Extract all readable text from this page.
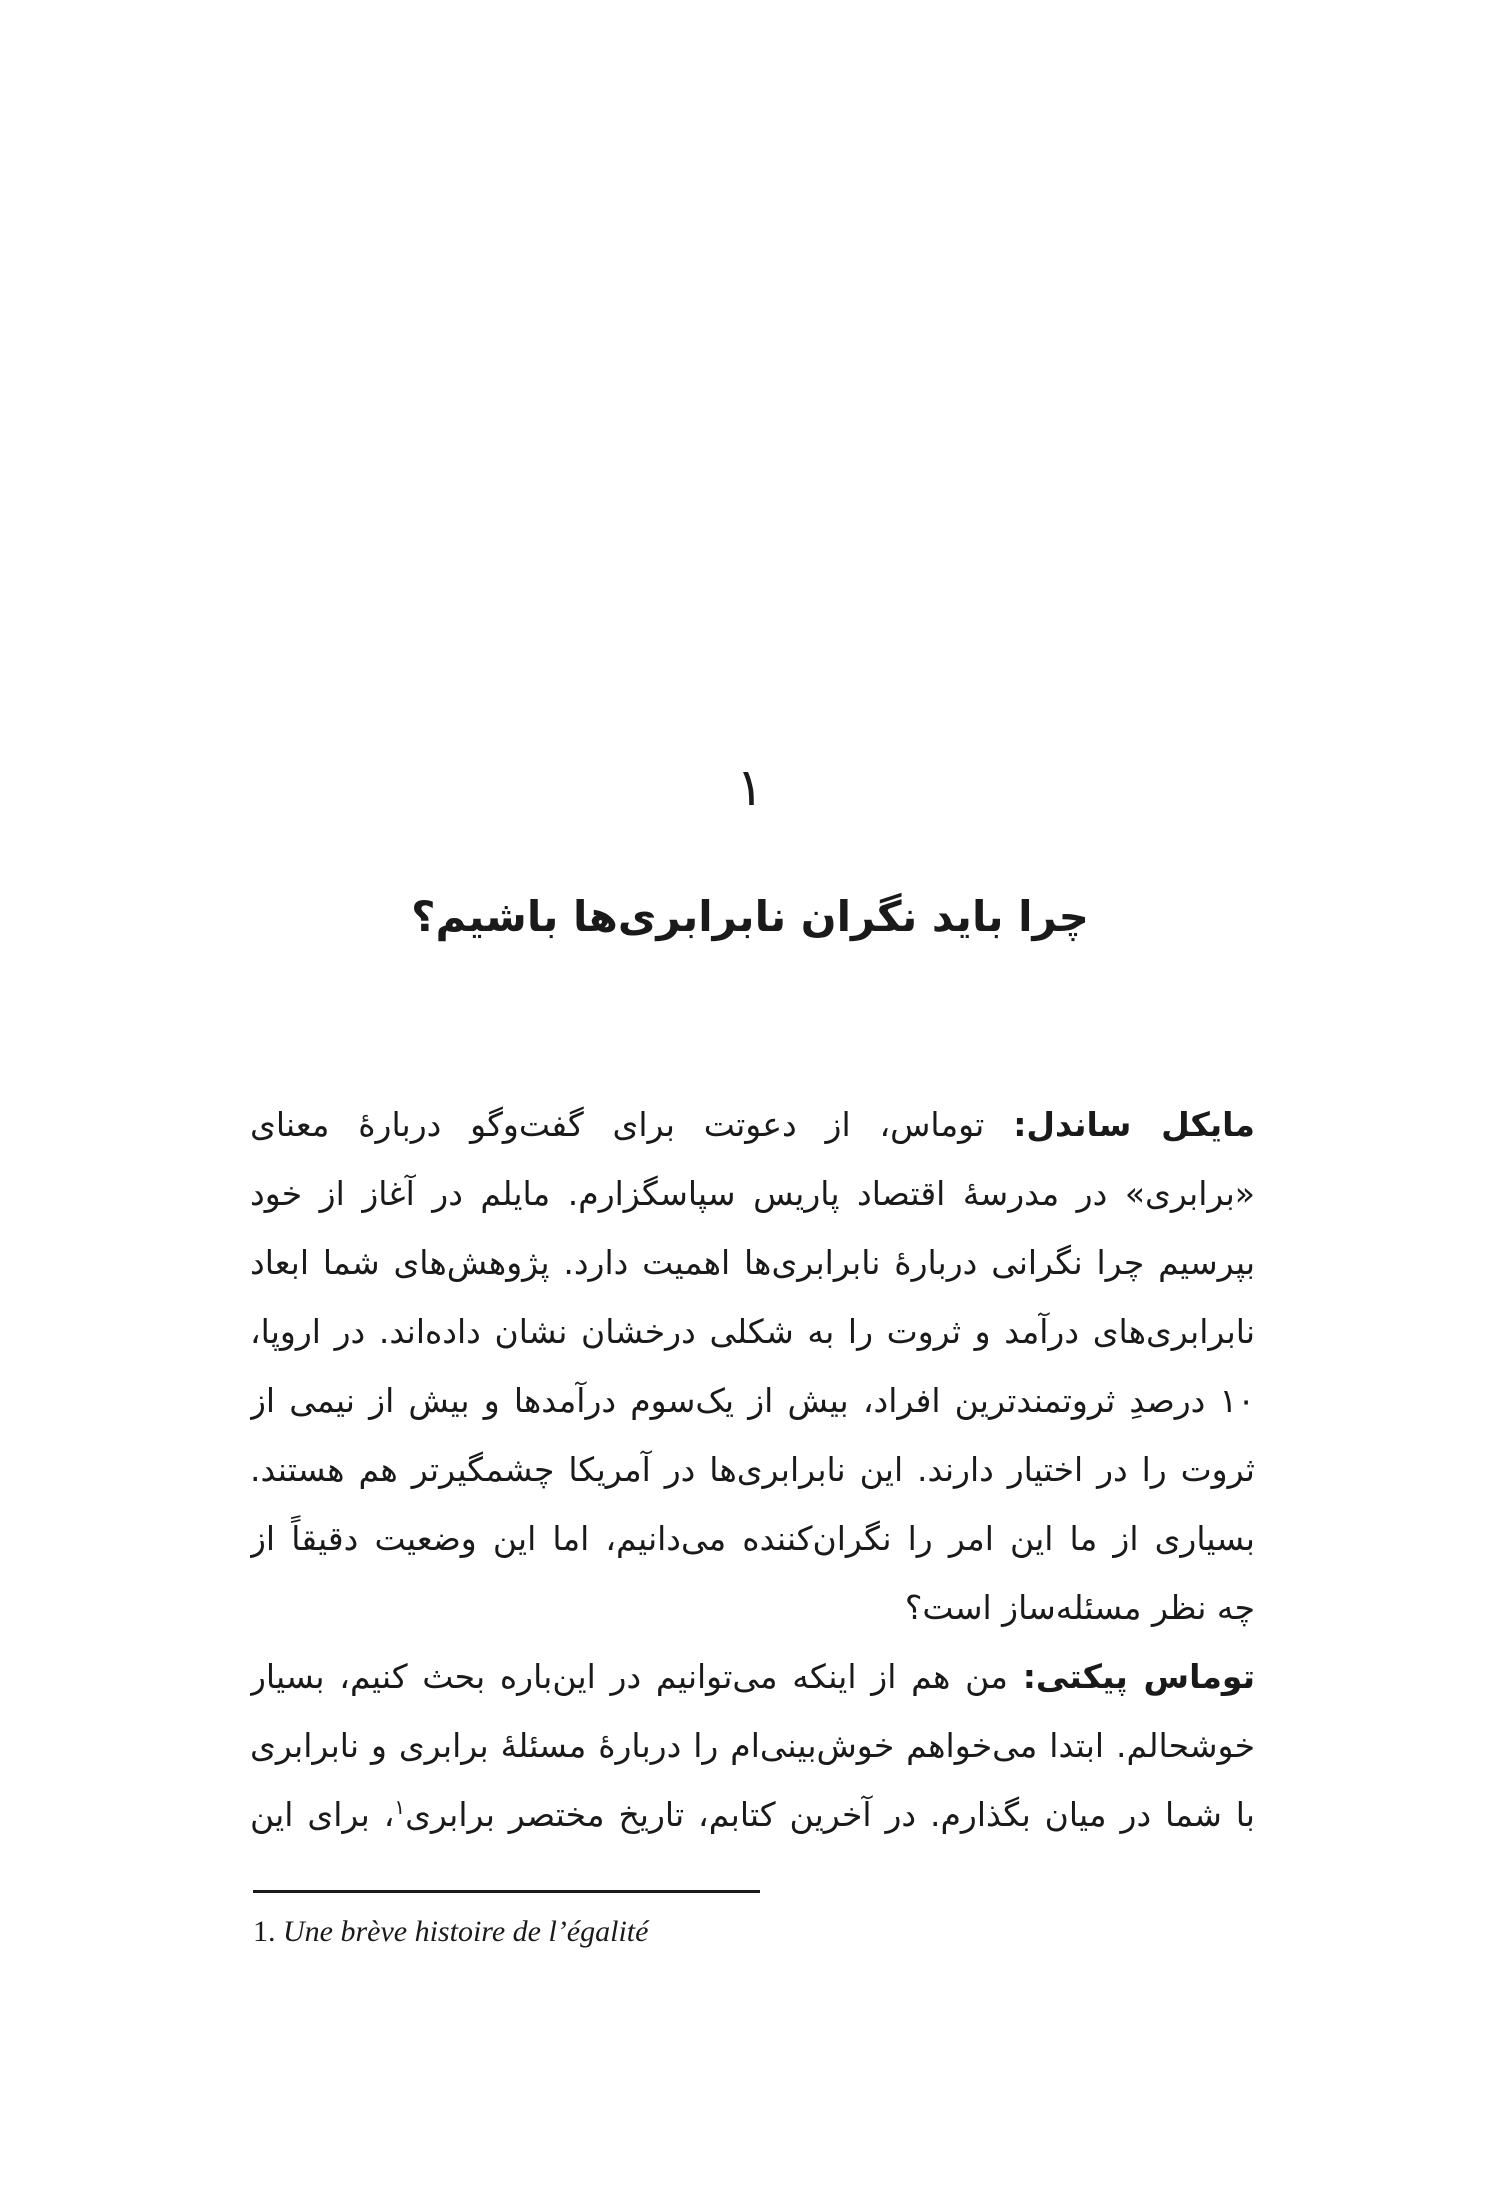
۱
چرا باید نگران نابرابری‌ها باشیم؟
مایکل ساندل: توماس، از دعوتت برای گفت‌وگو دربارۀ معنای
«برابری» در مدرسۀ اقتصاد پاریس سپاسگزارم. مایلم در آغاز از خود
بپرسیم چرا نگرانی دربارۀ نابرابری‌ها اهمیت دارد. پژوهش‌های شما ابعاد
نابرابری‌های درآمد و ثروت را به شکلی درخشان نشان داده‌اند. در اروپا،
۱۰ درصدِ ثروتمندترین افراد، بیش از یک‌سوم درآمدها و بیش از نیمی از
ثروت را در اختیار دارند. این نابرابری‌ها در آمریکا چشمگیرتر هم هستند.
بسیاری از ما این امر را نگران‌کننده می‌دانیم، اما این وضعیت دقیقاً از
چه نظر مسئله‌ساز است؟
توماس پیکتی: من هم از اینکه می‌توانیم در این‌باره بحث کنیم، بسیار
خوشحالم. ابتدا می‌خواهم خوش‌بینی‌ام را دربارۀ مسئلۀ برابری و نابرابری
با شما در میان بگذارم. در آخرین کتابم، تاریخ مختصر برابری$^۱$، برای این
1. Une brève histoire de l’égalité
